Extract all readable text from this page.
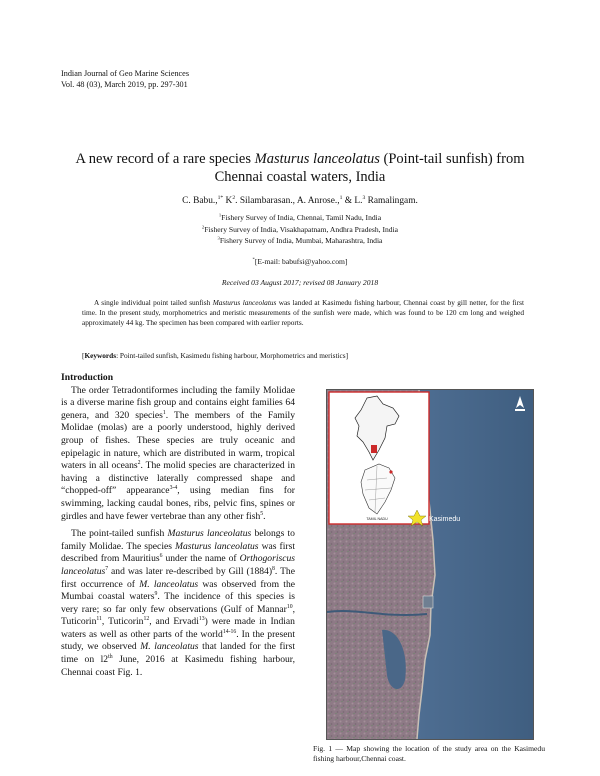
Indian Journal of Geo Marine Sciences
Vol. 48 (03), March 2019, pp. 297-301
A new record of a rare species Masturus lanceolatus (Point-tail sunfish) from
Chennai coastal waters, India
C. Babu.,$^{1*}$ $K^2$. Silambarasan., A. Anrose.,$^1$ & L.$^3$ Ramalingam.
$^1$Fishery Survey of India, Chennai, Tamil Nadu, India
$^2$Fishery Survey of India, Visakhapatnam, Andhra Pradesh, India
$^3$Fishery Survey of India, Mumbai, Maharashtra, India
*[E-mail: babufsi@yahoo.com]
Received 03 August 2017; revised 08 January 2018

A single individual point tailed sunfish Masturus lanceolatus was landed at Kasimedu fishing harbour, Chennai coast by gill netter, for the first time. In the present study, morphometrics and meristic measurements of the sunfish were made, which was found to be 120 cm long and weighed approximately 44 kg. The specimen has been compared with earlier reports.

[Keywords: Point-tailed sunfish, Kasimedu fishing harbour, Morphometrics and meristics]
Introduction

The order Tetradontiformes including the family Molidae is a diverse marine fish group and contains eight families 64 genera, and 320 species$^1$. The members of the Family Molidae (molas) are a poorly understood, highly derived group of fishes. These species are truly oceanic and epipelagic in nature, which are distributed in warm, tropical waters in all oceans$^2$. The molid species are characterized in having a distinctive laterally compressed shape and “chopped-off” appearance$^{3-4}$, using median fins for swimming, lacking caudal bones, ribs, pelvic fins, spines or girdles and have fewer vertebrae than any other fish$^5$.

The point-tailed sunfish Masturus lanceolatus belongs to family Molidae. The species Masturus lanceolatus was first described from Mauritius$^6$ under the name of Orthogoriscus lanceolatus$^7$ and was later re-described by Gill $(1884)^8$. The first occurrence of M. lanceolatus was observed from the Mumbai coastal waters$^9$. The incidence of this species is very rare; so far only few observations (Gulf of Mannar$^{10}$, Tuticorin$^{11}$, Tuticorin$^{12}$, and Ervadi$^{13}$) were made in Indian waters as well as other parts of the world$^{14-16}$. In the present study, we observed M. lanceolatus that landed for the first time on l2th June, 2016 at Kasimedu fishing harbour, Chennai coast Fig. 1.

TAMIL NADU	Kasimedu
Fig. 1 — Map showing the location of the study area on the Kasimedu fishing harbour,Chennai coast.
